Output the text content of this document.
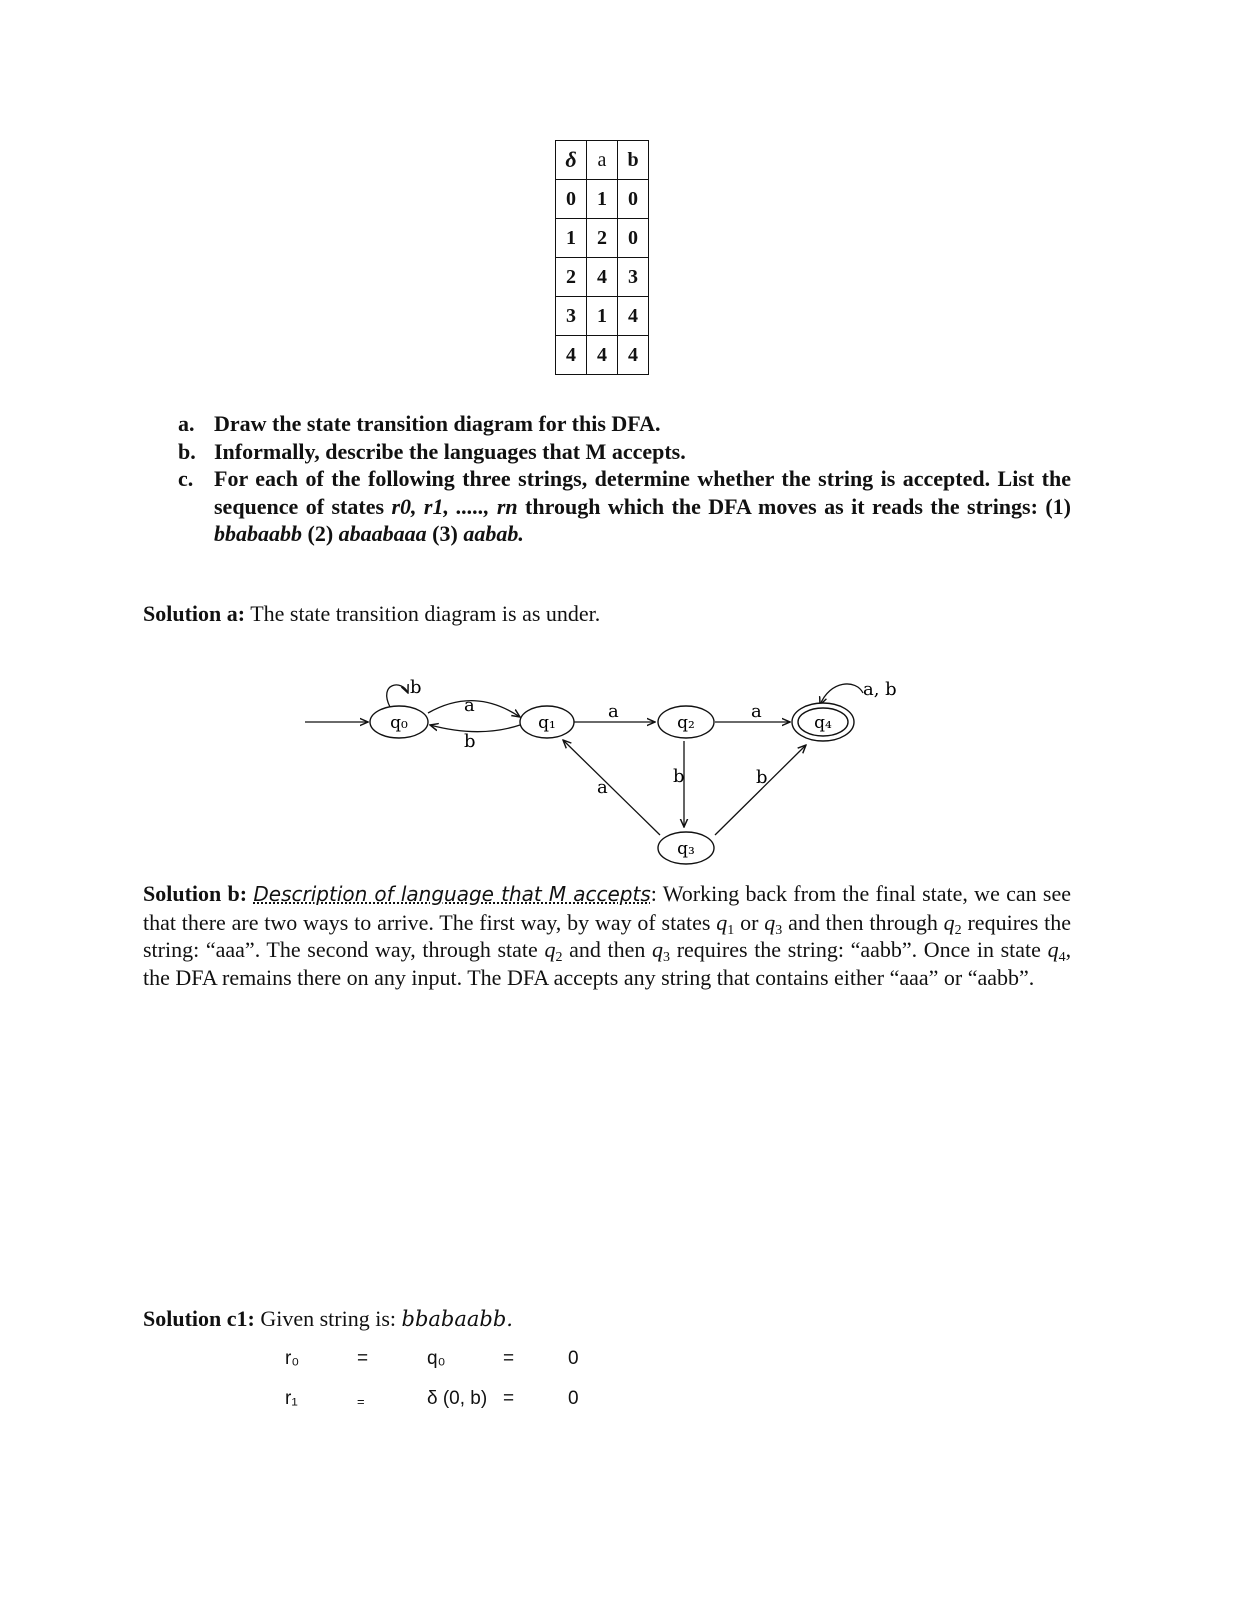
δ	a	b
0	1	0
1	2	0
2	4	3
3	1	4
4	4	4
a. Draw the state transition diagram for this DFA.
b. Informally, describe the languages that M accepts.
c. For each of the following three strings, determine whether the string is accepted. List the sequence of states r0, r1, ....., rn through which the DFA moves as it reads the strings: (1) bbabaabb (2) abaabaaa (3) aabab.
Solution a: The state transition diagram is as under.
b
a
b
a	a
b
a	b
a, b
q₀	q₁	q₂	q₄
q₃

Solution b: Description of language that M accepts: Working back from the final state, we can see that there are two ways to arrive. The first way, by way of states $q_1$ or $q_3$ and then through $q_2$ requires the string: “aaa”. The second way, through state $q_2$ and then $q_3$ requires the string: “aabb”. Once in state $q_4$, the DFA remains there on any input. The DFA accepts any string that contains either “aaa” or “aabb”.

Solution c1: Given string is: bbabaabb.
r₀	=	q₀	=	0
r₁	=	δ (0, b) =	0
